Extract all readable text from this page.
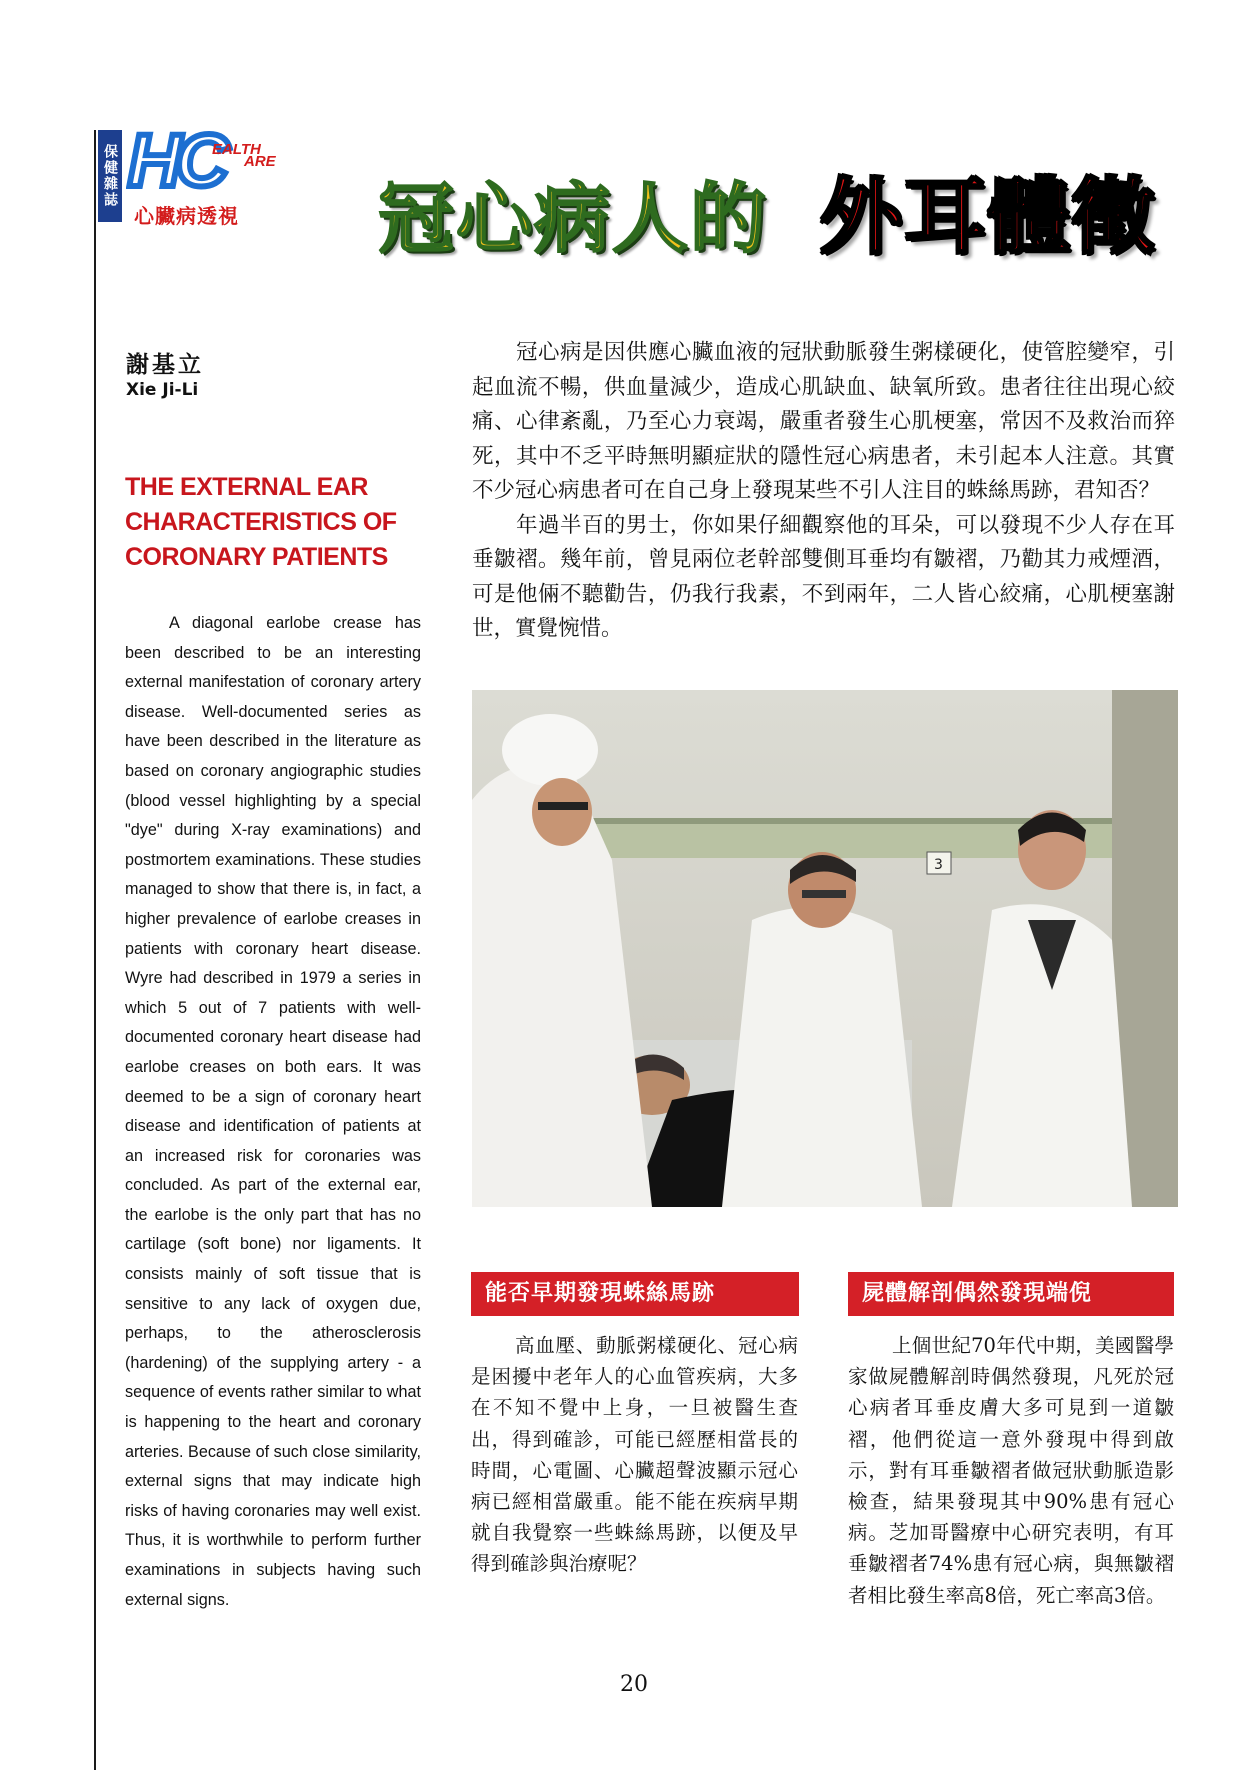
保健雜誌 HC
EALTH
ARE
心臟病透視 冠心病人的 外耳體徵
謝基立
Xie Ji-Li
THE EXTERNAL EAR CHARACTERISTICS OF CORONARY PATIENTS
A diagonal earlobe crease has been described to be an interesting external manifestation of coronary artery disease. Well-documented series as have been described in the literature as based on coronary angiographic studies (blood vessel highlighting by a special "dye" during X-ray examinations) and postmortem examinations. These studies managed to show that there is, in fact, a higher prevalence of earlobe creases in patients with coronary heart disease. Wyre had described in 1979 a series in which 5 out of 7 patients with well-documented coronary heart disease had earlobe creases on both ears. It was deemed to be a sign of coronary heart disease and identification of patients at an increased risk for coronaries was concluded. As part of the external ear, the earlobe is the only part that has no cartilage (soft bone) nor ligaments. It consists mainly of soft tissue that is sensitive to any lack of oxygen due, perhaps, to the atherosclerosis (hardening) of the supplying artery - a sequence of events rather similar to what is happening to the heart and coronary arteries. Because of such close similarity, external signs that may indicate high risks of having coronaries may well exist. Thus, it is worthwhile to perform further examinations in subjects having such external signs.

冠心病是因供應心臟血液的冠狀動脈發生粥樣硬化，使管腔變窄，引起血流不暢，供血量減少，造成心肌缺血、缺氧所致。患者往往出現心絞痛、心律紊亂，乃至心力衰竭，嚴重者發生心肌梗塞，常因不及救治而猝死，其中不乏平時無明顯症狀的隱性冠心病患者，未引起本人注意。其實不少冠心病患者可在自己身上發現某些不引人注目的蛛絲馬跡，君知否？

年過半百的男士，你如果仔細觀察他的耳朵，可以發現不少人存在耳垂皺褶。幾年前，曾見兩位老幹部雙側耳垂均有皺褶，乃勸其力戒煙酒，可是他倆不聽勸告，仍我行我素，不到兩年，二人皆心絞痛，心肌梗塞謝世，實覺惋惜。

3
能否早期發現蛛絲馬跡
高血壓、動脈粥樣硬化、冠心病是困擾中老年人的心血管疾病，大多在不知不覺中上身，一旦被醫生查出，得到確診，可能已經歷相當長的時間，心電圖、心臟超聲波顯示冠心病已經相當嚴重。能不能在疾病早期就自我覺察一些蛛絲馬跡，以便及早得到確診與治療呢？
屍體解剖偶然發現端倪
上個世紀70年代中期，美國醫學家做屍體解剖時偶然發現，凡死於冠心病者耳垂皮膚大多可見到一道皺褶，他們從這一意外發現中得到啟示，對有耳垂皺褶者做冠狀動脈造影檢查，結果發現其中90%患有冠心病。芝加哥醫療中心研究表明，有耳垂皺褶者74%患有冠心病，與無皺褶者相比發生率高8倍，死亡率高3倍。
20
